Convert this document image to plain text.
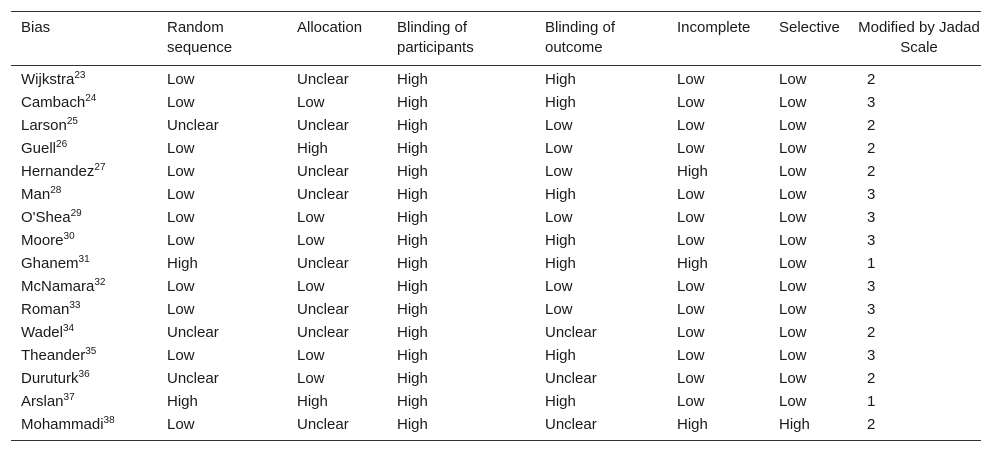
Bias	Random sequence	Allocation	Blinding of participants	Blinding of outcome	Incomplete	Selective	Modified by Jadad Scale
Wijkstra$^{23}$	Low	Unclear	High	High	Low	Low	2
Cambach$^{24}$	Low	Low	High	High	Low	Low	3
Larson$^{25}$	Unclear	Unclear	High	Low	Low	Low	2
Guell$^{26}$	Low	High	High	Low	Low	Low	2
Hernandez$^{27}$	Low	Unclear	High	Low	High	Low	2
Man$^{28}$	Low	Unclear	High	High	Low	Low	3
O'Shea$^{29}$	Low	Low	High	Low	Low	Low	3
Moore$^{30}$	Low	Low	High	High	Low	Low	3
Ghanem$^{31}$	High	Unclear	High	High	High	Low	1
McNamara$^{32}$	Low	Low	High	Low	Low	Low	3
Roman$^{33}$	Low	Unclear	High	Low	Low	Low	3
Wadel$^{34}$	Unclear	Unclear	High	Unclear	Low	Low	2
Theander$^{35}$	Low	Low	High	High	Low	Low	3
Duruturk$^{36}$	Unclear	Low	High	Unclear	Low	Low	2
Arslan$^{37}$	High	High	High	High	Low	Low	1
Mohammadi$^{38}$	Low	Unclear	High	Unclear	High	High	2
